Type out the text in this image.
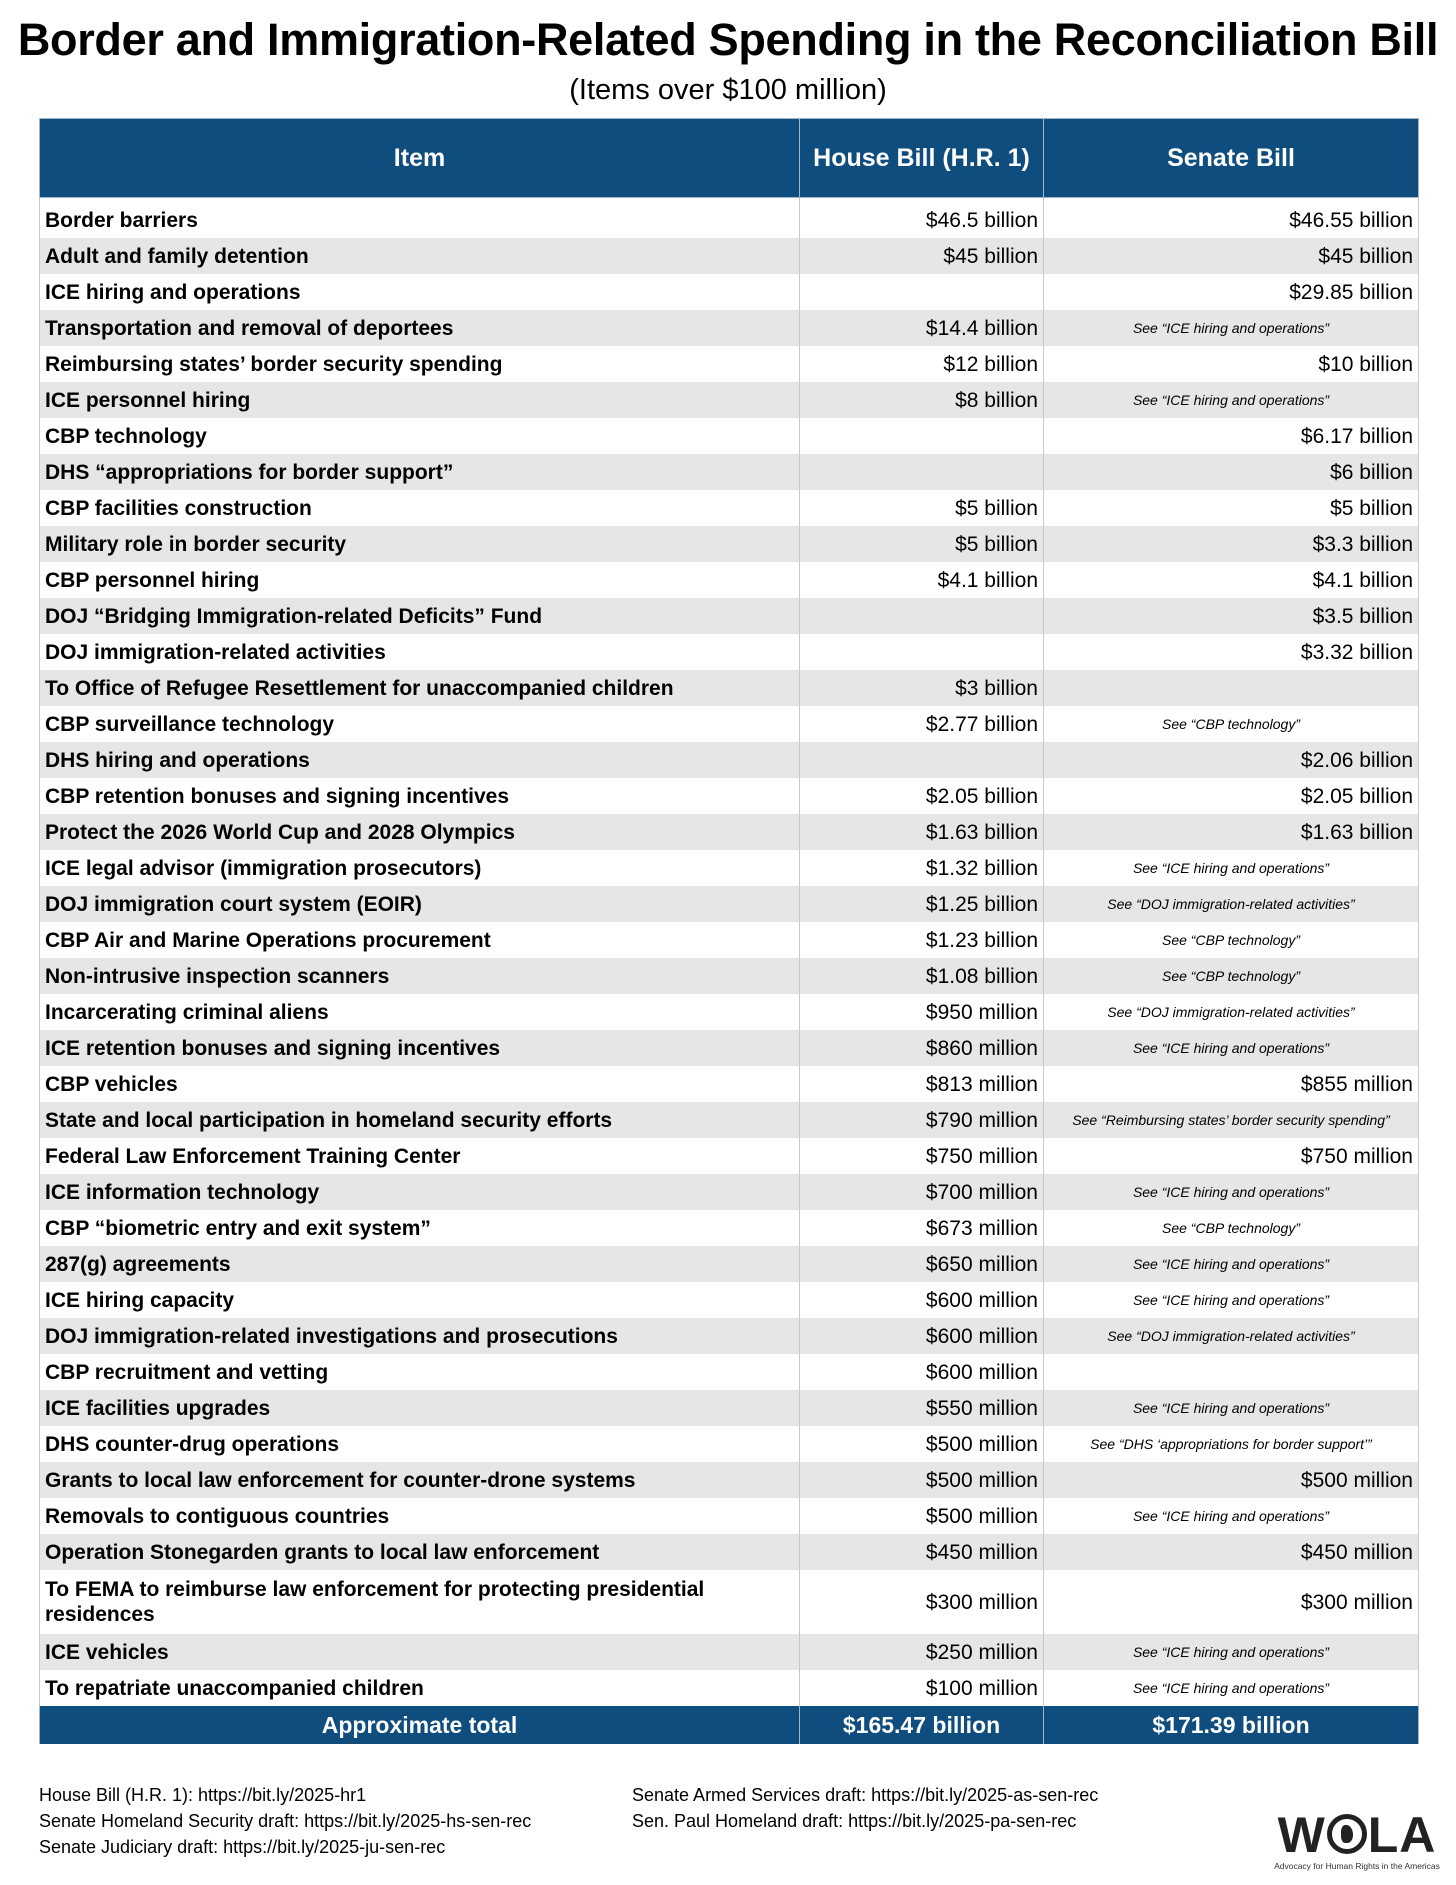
Border and Immigration-Related Spending in the Reconciliation Bill
(Items over $100 million)
Item	House Bill (H.R. 1)	Senate Bill
Border barriers	$46.5 billion	$46.55 billion
Adult and family detention	$45 billion	$45 billion
ICE hiring and operations		$29.85 billion
Transportation and removal of deportees	$14.4 billion	See “ICE hiring and operations”
Reimbursing states’ border security spending	$12 billion	$10 billion
ICE personnel hiring	$8 billion	See “ICE hiring and operations”
CBP technology		$6.17 billion
DHS “appropriations for border support”		$6 billion
CBP facilities construction	$5 billion	$5 billion
Military role in border security	$5 billion	$3.3 billion
CBP personnel hiring	$4.1 billion	$4.1 billion
DOJ “Bridging Immigration-related Deficits” Fund		$3.5 billion
DOJ immigration-related activities		$3.32 billion
To Office of Refugee Resettlement for unaccompanied children	$3 billion	
CBP surveillance technology	$2.77 billion	See “CBP technology”
DHS hiring and operations		$2.06 billion
CBP retention bonuses and signing incentives	$2.05 billion	$2.05 billion
Protect the 2026 World Cup and 2028 Olympics	$1.63 billion	$1.63 billion
ICE legal advisor (immigration prosecutors)	$1.32 billion	See “ICE hiring and operations”
DOJ immigration court system (EOIR)	$1.25 billion	See “DOJ immigration-related activities”
CBP Air and Marine Operations procurement	$1.23 billion	See “CBP technology”
Non-intrusive inspection scanners	$1.08 billion	See “CBP technology”
Incarcerating criminal aliens	$950 million	See “DOJ immigration-related activities”
ICE retention bonuses and signing incentives	$860 million	See “ICE hiring and operations”
CBP vehicles	$813 million	$855 million
State and local participation in homeland security efforts	$790 million	See “Reimbursing states’ border security spending”
Federal Law Enforcement Training Center	$750 million	$750 million
ICE information technology	$700 million	See “ICE hiring and operations”
CBP “biometric entry and exit system”	$673 million	See “CBP technology”
287(g) agreements	$650 million	See “ICE hiring and operations”
ICE hiring capacity	$600 million	See “ICE hiring and operations”
DOJ immigration-related investigations and prosecutions	$600 million	See “DOJ immigration-related activities”
CBP recruitment and vetting	$600 million	
ICE facilities upgrades	$550 million	See “ICE hiring and operations”
DHS counter-drug operations	$500 million	See “DHS ‘appropriations for border support’”
Grants to local law enforcement for counter-drone systems	$500 million	$500 million
Removals to contiguous countries	$500 million	See “ICE hiring and operations”
Operation Stonegarden grants to local law enforcement	$450 million	$450 million
To FEMA to reimburse law enforcement for protecting presidential residences	$300 million	$300 million
ICE vehicles	$250 million	See “ICE hiring and operations”
To repatriate unaccompanied children	$100 million	See “ICE hiring and operations”
Approximate total	$165.47 billion	$171.39 billion
House Bill (H.R. 1): https://bit.ly/2025-hr1
Senate Homeland Security draft: https://bit.ly/2025-hs-sen-rec
Senate Judiciary draft: https://bit.ly/2025-ju-sen-rec
Senate Armed Services draft: https://bit.ly/2025-as-sen-rec
Sen. Paul Homeland draft: https://bit.ly/2025-pa-sen-rec	W LA
Advocacy for Human Rights in the Americas
